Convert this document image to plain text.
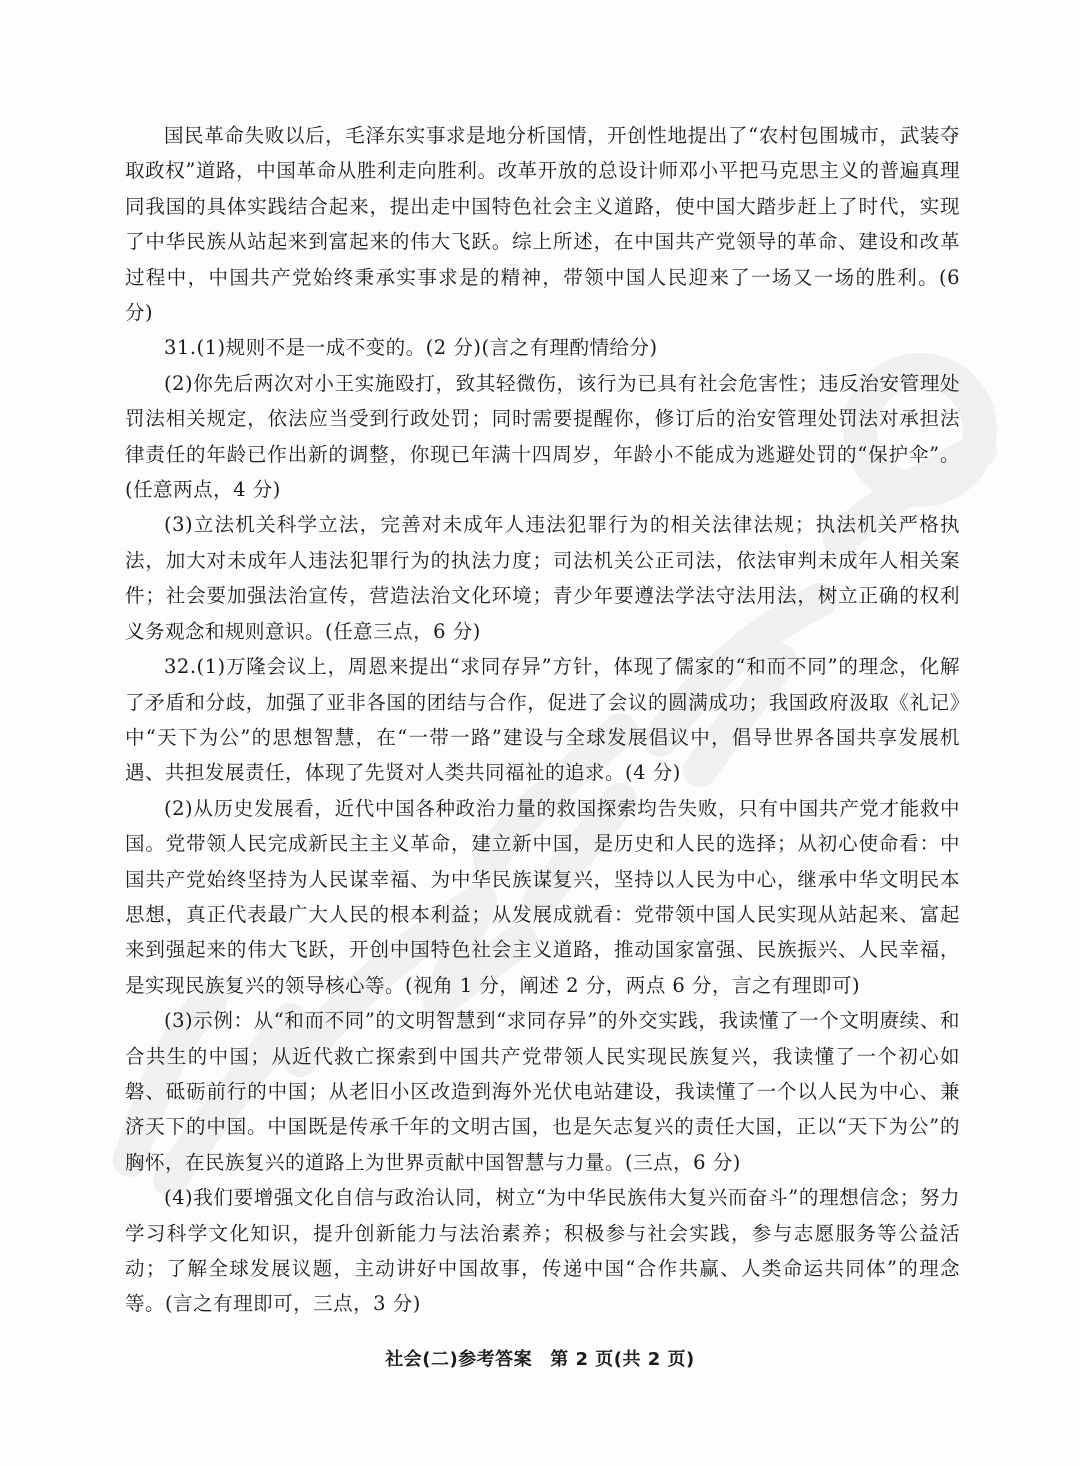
国民革命失败以后，毛泽东实事求是地分析国情，开创性地提出了“农村包围城市，武装夺取政权”道路，中国革命从胜利走向胜利。改革开放的总设计师邓小平把马克思主义的普遍真理同我国的具体实践结合起来，提出走中国特色社会主义道路，使中国大踏步赶上了时代，实现了中华民族从站起来到富起来的伟大飞跃。综上所述，在中国共产党领导的革命、建设和改革过程中，中国共产党始终秉承实事求是的精神，带领中国人民迎来了一场又一场的胜利。(6 分)

31.(1)规则不是一成不变的。(2 分)(言之有理酌情给分)

(2)你先后两次对小王实施殴打，致其轻微伤，该行为已具有社会危害性；违反治安管理处罚法相关规定，依法应当受到行政处罚；同时需要提醒你，修订后的治安管理处罚法对承担法律责任的年龄已作出新的调整，你现已年满十四周岁，年龄小不能成为逃避处罚的“保护伞”。(任意两点，4 分)

(3)立法机关科学立法，完善对未成年人违法犯罪行为的相关法律法规；执法机关严格执法，加大对未成年人违法犯罪行为的执法力度；司法机关公正司法，依法审判未成年人相关案件；社会要加强法治宣传，营造法治文化环境；青少年要遵法学法守法用法，树立正确的权利义务观念和规则意识。(任意三点，6 分)

32.(1)万隆会议上，周恩来提出“求同存异”方针，体现了儒家的“和而不同”的理念，化解了矛盾和分歧，加强了亚非各国的团结与合作，促进了会议的圆满成功；我国政府汲取《礼记》中“天下为公”的思想智慧，在“一带一路”建设与全球发展倡议中，倡导世界各国共享发展机遇、共担发展责任，体现了先贤对人类共同福祉的追求。(4 分)

(2)从历史发展看，近代中国各种政治力量的救国探索均告失败，只有中国共产党才能救中国。党带领人民完成新民主主义革命，建立新中国，是历史和人民的选择；从初心使命看：中国共产党始终坚持为人民谋幸福、为中华民族谋复兴，坚持以人民为中心，继承中华文明民本思想，真正代表最广大人民的根本利益；从发展成就看：党带领中国人民实现从站起来、富起来到强起来的伟大飞跃，开创中国特色社会主义道路，推动国家富强、民族振兴、人民幸福，是实现民族复兴的领导核心等。(视角 1 分，阐述 2 分，两点 6 分，言之有理即可)

(3)示例：从“和而不同”的文明智慧到“求同存异”的外交实践，我读懂了一个文明赓续、和合共生的中国；从近代救亡探索到中国共产党带领人民实现民族复兴，我读懂了一个初心如磐、砥砺前行的中国；从老旧小区改造到海外光伏电站建设，我读懂了一个以人民为中心、兼济天下的中国。中国既是传承千年的文明古国，也是矢志复兴的责任大国，正以“天下为公”的胸怀，在民族复兴的道路上为世界贡献中国智慧与力量。(三点，6 分)

(4)我们要增强文化自信与政治认同，树立“为中华民族伟大复兴而奋斗”的理想信念；努力学习科学文化知识，提升创新能力与法治素养；积极参与社会实践，参与志愿服务等公益活动；了解全球发展议题，主动讲好中国故事，传递中国“合作共赢、人类命运共同体”的理念等。(言之有理即可，三点，3 分)

社会(二)参考答案 第 2 页(共 2 页)
